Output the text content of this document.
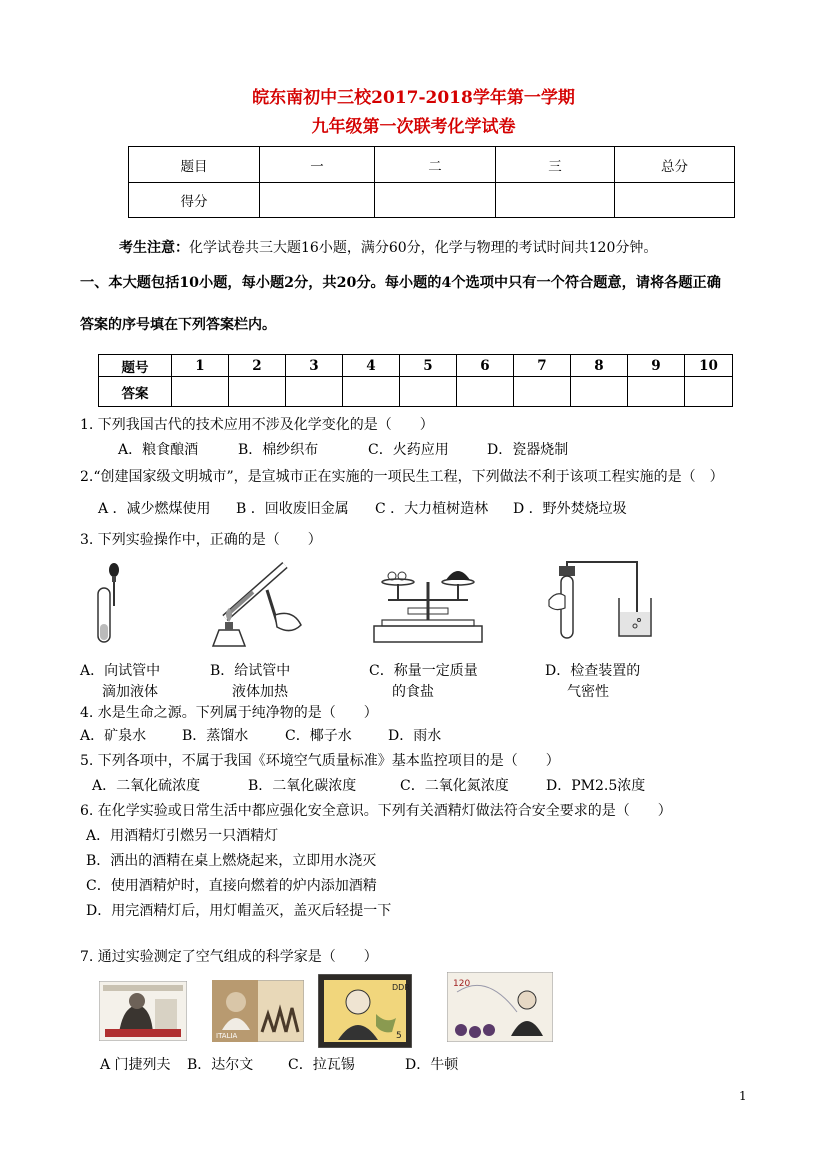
皖东南初中三校2017-2018学年第一学期
九年级第一次联考化学试卷
题目	一	二	三	总分
得分				
考生注意：化学试卷共三大题16小题，满分60分，化学与物理的考试时间共120分钟。
一、本大题包括10小题，每小题2分，共20分。每小题的4个选项中只有一个符合题意，请将各题正确
答案的序号填在下列答案栏内。
题号	1	2	3	4	5	6	7	8	9	10
答案										
1. 下列我国古代的技术应用不涉及化学变化的是（　　）
A．粮食酿酒	B．棉纱织布	C．火药应用	D．瓷器烧制
2.“创建国家级文明城市”，是宣城市正在实施的一项民生工程，下列做法不利于该项工程实施的是（　）
A ．减少燃煤使用 B ．回收废旧金属 C ．大力植树造林 D ．野外焚烧垃圾
3. 下列实验操作中，正确的是（　　）
A．向试管中
滴加液体
B．给试管中
液体加热
C．称量一定质量
的食盐
D．检查装置的
气密性
4. 水是生命之源。下列属于纯净物的是（　　）
A．矿泉水	B．蒸馏水	C．椰子水	D．雨水
5. 下列各项中，不属于我国《环境空气质量标准》基本监控项目的是（　　）
A．二氧化硫浓度	B．二氧化碳浓度	C．二氧化氮浓度	D．PM2.5浓度
6. 在化学实验或日常生活中都应强化安全意识。下列有关酒精灯做法符合安全要求的是（　　）
A．用酒精灯引燃另一只酒精灯
B．洒出的酒精在桌上燃烧起来，立即用水浇灭
C．使用酒精炉时，直接向燃着的炉内添加酒精
D．用完酒精灯后，用灯帽盖灭，盖灭后轻提一下
7. 通过实验测定了空气组成的科学家是（　　）
ITALIA
DDR
5
120
A 门捷列夫 B．达尔文 C．拉瓦锡	D．牛顿
1
